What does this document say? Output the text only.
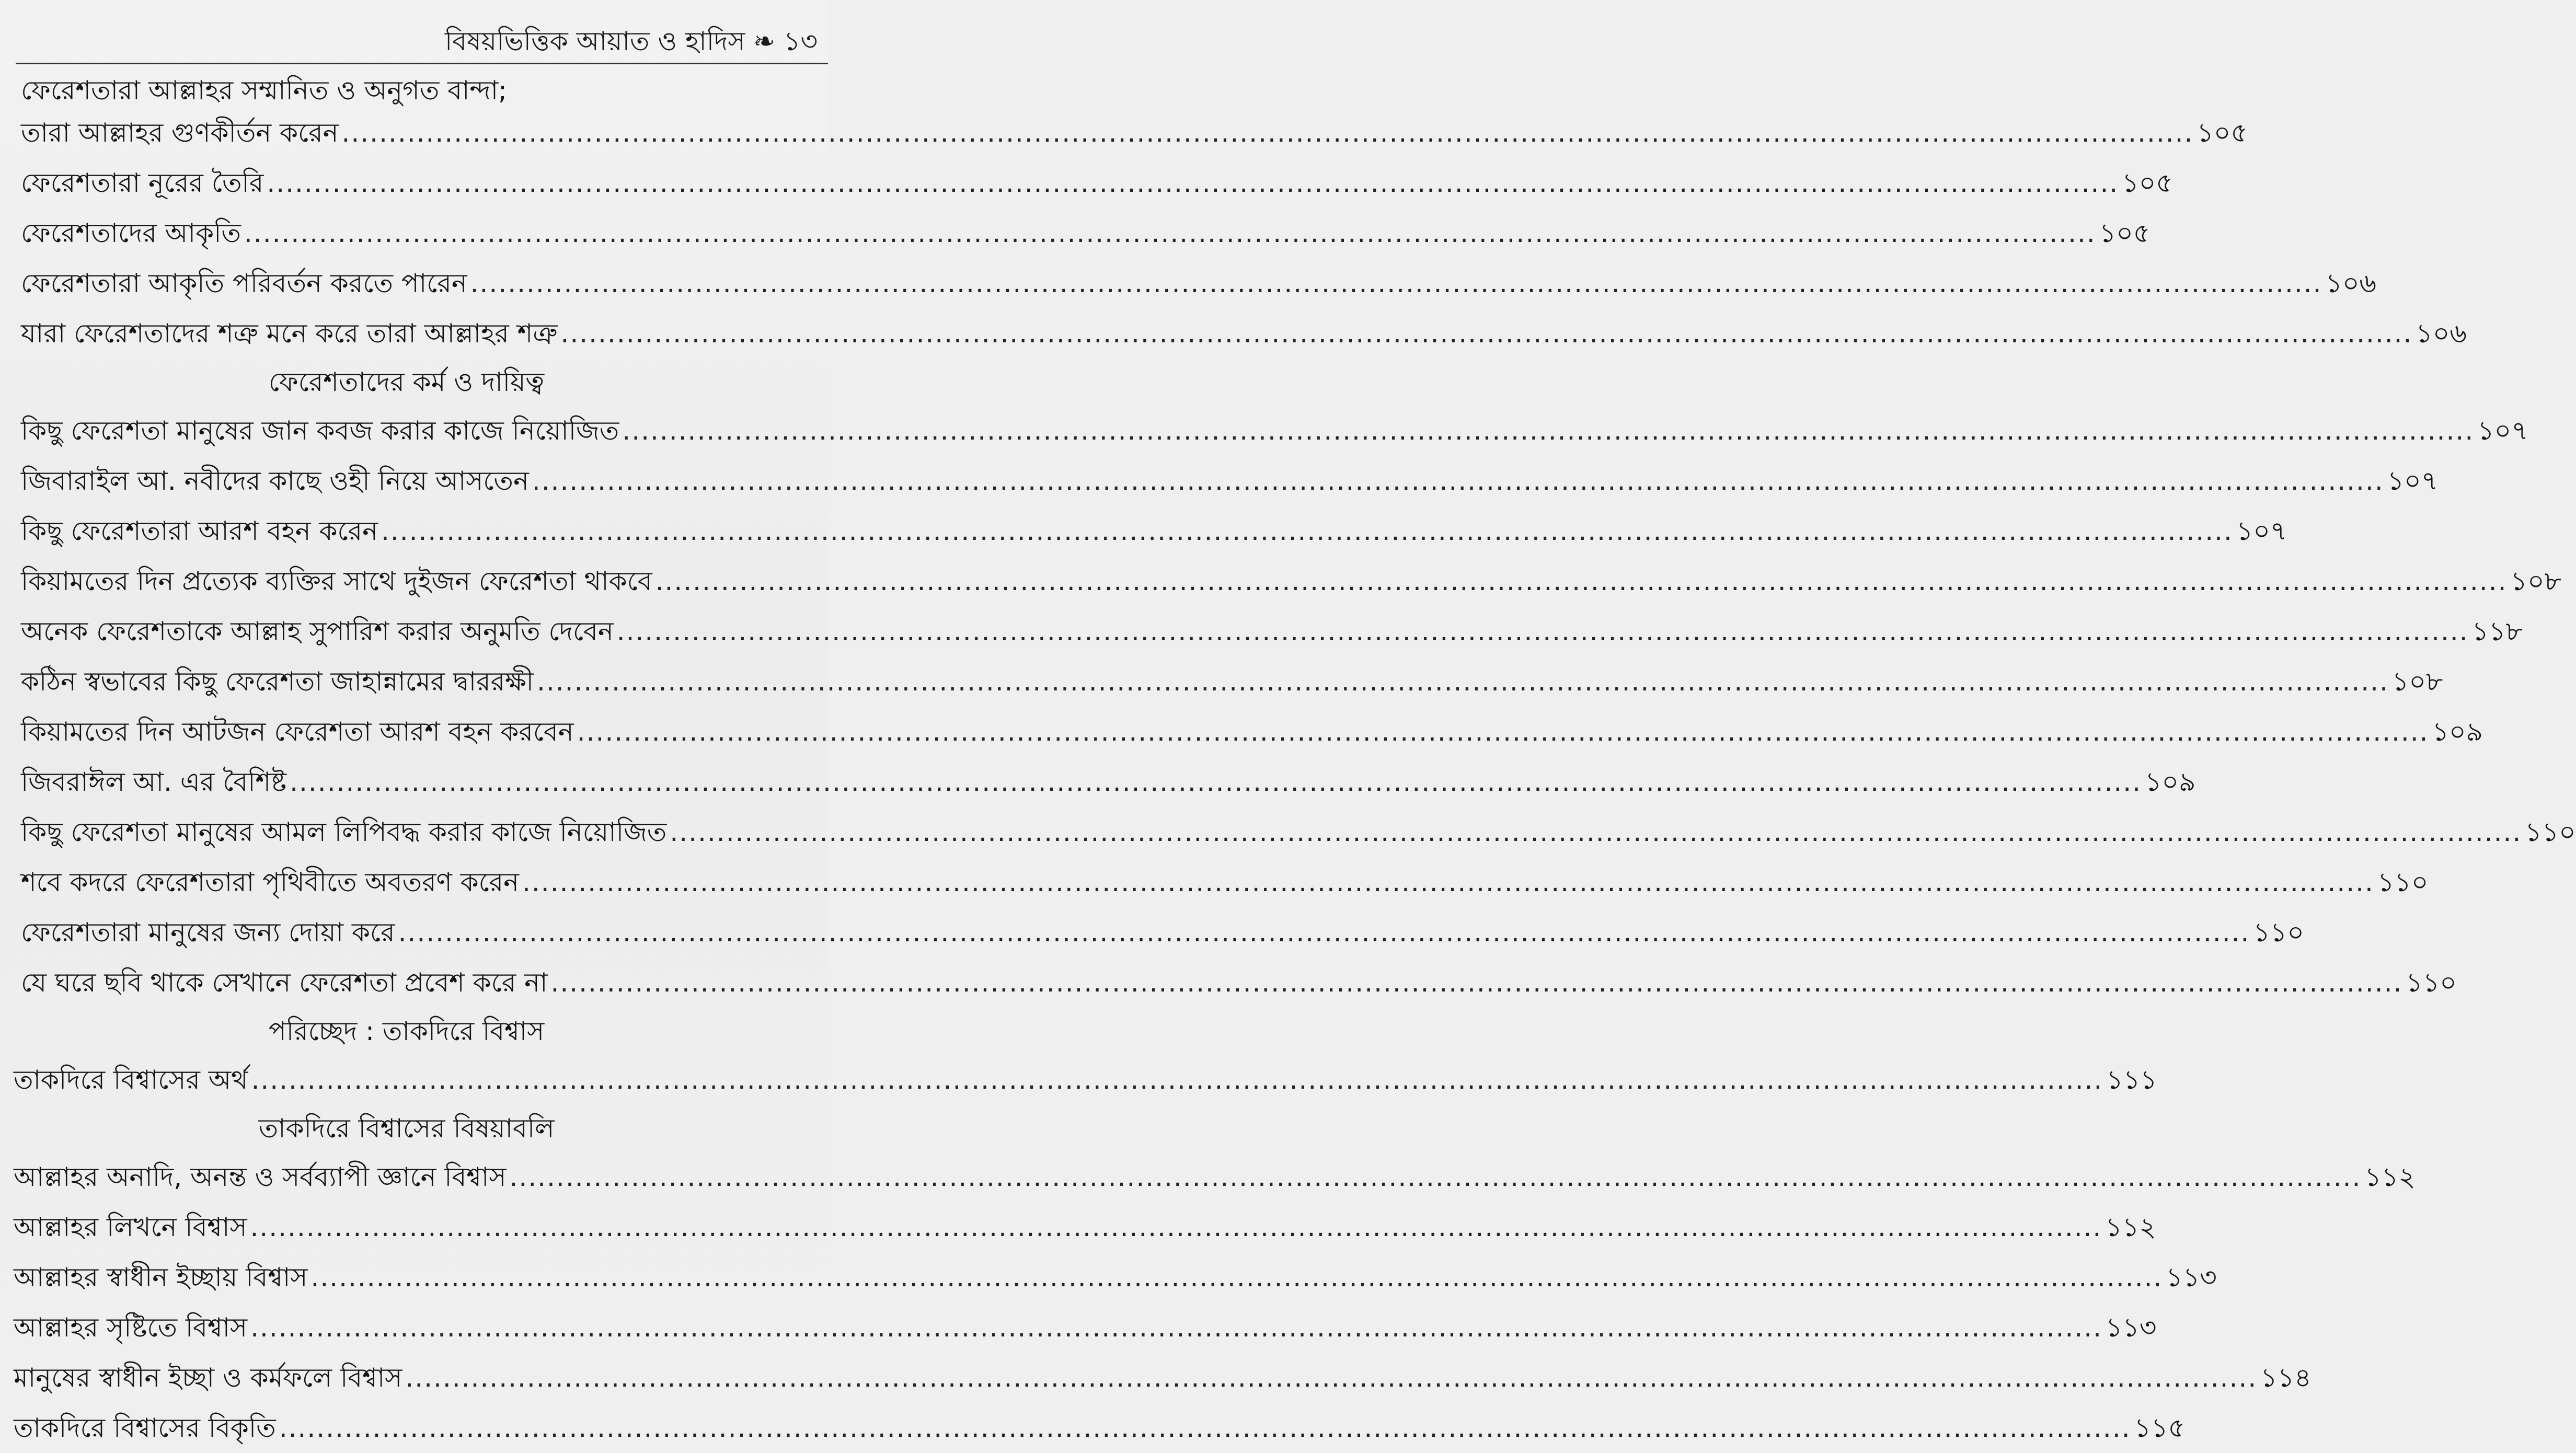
বিষয়ভিত্তিক আয়াত ও হাদিস ❧ ১৩
ফেরেশতারা আল্লাহর সম্মানিত ও অনুগত বান্দা;
তারা আল্লাহর গুণকীর্তন করেন .....	১০৫
ফেরেশতারা নূরের তৈরি .....	১০৫
ফেরেশতাদের আকৃতি .....	১০৫
ফেরেশতারা আকৃতি পরিবর্তন করতে পারেন .....	১০৬
যারা ফেরেশতাদের শত্রু মনে করে তারা আল্লাহর শত্রু .....	১০৬
ফেরেশতাদের কর্ম ও দায়িত্ব
কিছু ফেরেশতা মানুষের জান কবজ করার কাজে নিয়োজিত .....	১০৭
জিবারাইল আ. নবীদের কাছে ওহী নিয়ে আসতেন .....	১০৭
কিছু ফেরেশতারা আরশ বহন করেন .....	১০৭
কিয়ামতের দিন প্রত্যেক ব্যক্তির সাথে দুইজন ফেরেশতা থাকবে .....	১০৮
অনেক ফেরেশতাকে আল্লাহ সুপারিশ করার অনুমতি দেবেন .....	১১৮
কঠিন স্বভাবের কিছু ফেরেশতা জাহান্নামের দ্বাররক্ষী .....	১০৮
কিয়ামতের দিন আটজন ফেরেশতা আরশ বহন করবেন .....	১০৯
জিবরাঈল আ. এর বৈশিষ্ট .....	১০৯
কিছু ফেরেশতা মানুষের আমল লিপিবদ্ধ করার কাজে নিয়োজিত .....	১১০
শবে কদরে ফেরেশতারা পৃথিবীতে অবতরণ করেন .....	১১০
ফেরেশতারা মানুষের জন্য দোয়া করে .....	১১০
যে ঘরে ছবি থাকে সেখানে ফেরেশতা প্রবেশ করে না .....	১১০
পরিচ্ছেদ : তাকদিরে বিশ্বাস
তাকদিরে বিশ্বাসের অর্থ .....	১১১
তাকদিরে বিশ্বাসের বিষয়াবলি
আল্লাহর অনাদি, অনন্ত ও সর্বব্যাপী জ্ঞানে বিশ্বাস .....	১১২
আল্লাহর লিখনে বিশ্বাস .....	১১২
আল্লাহর স্বাধীন ইচ্ছায় বিশ্বাস .....	১১৩
আল্লাহর সৃষ্টিতে বিশ্বাস .....	১১৩
মানুষের স্বাধীন ইচ্ছা ও কর্মফলে বিশ্বাস .....	১১৪
তাকদিরে বিশ্বাসের বিকৃতি .....	১১৫
